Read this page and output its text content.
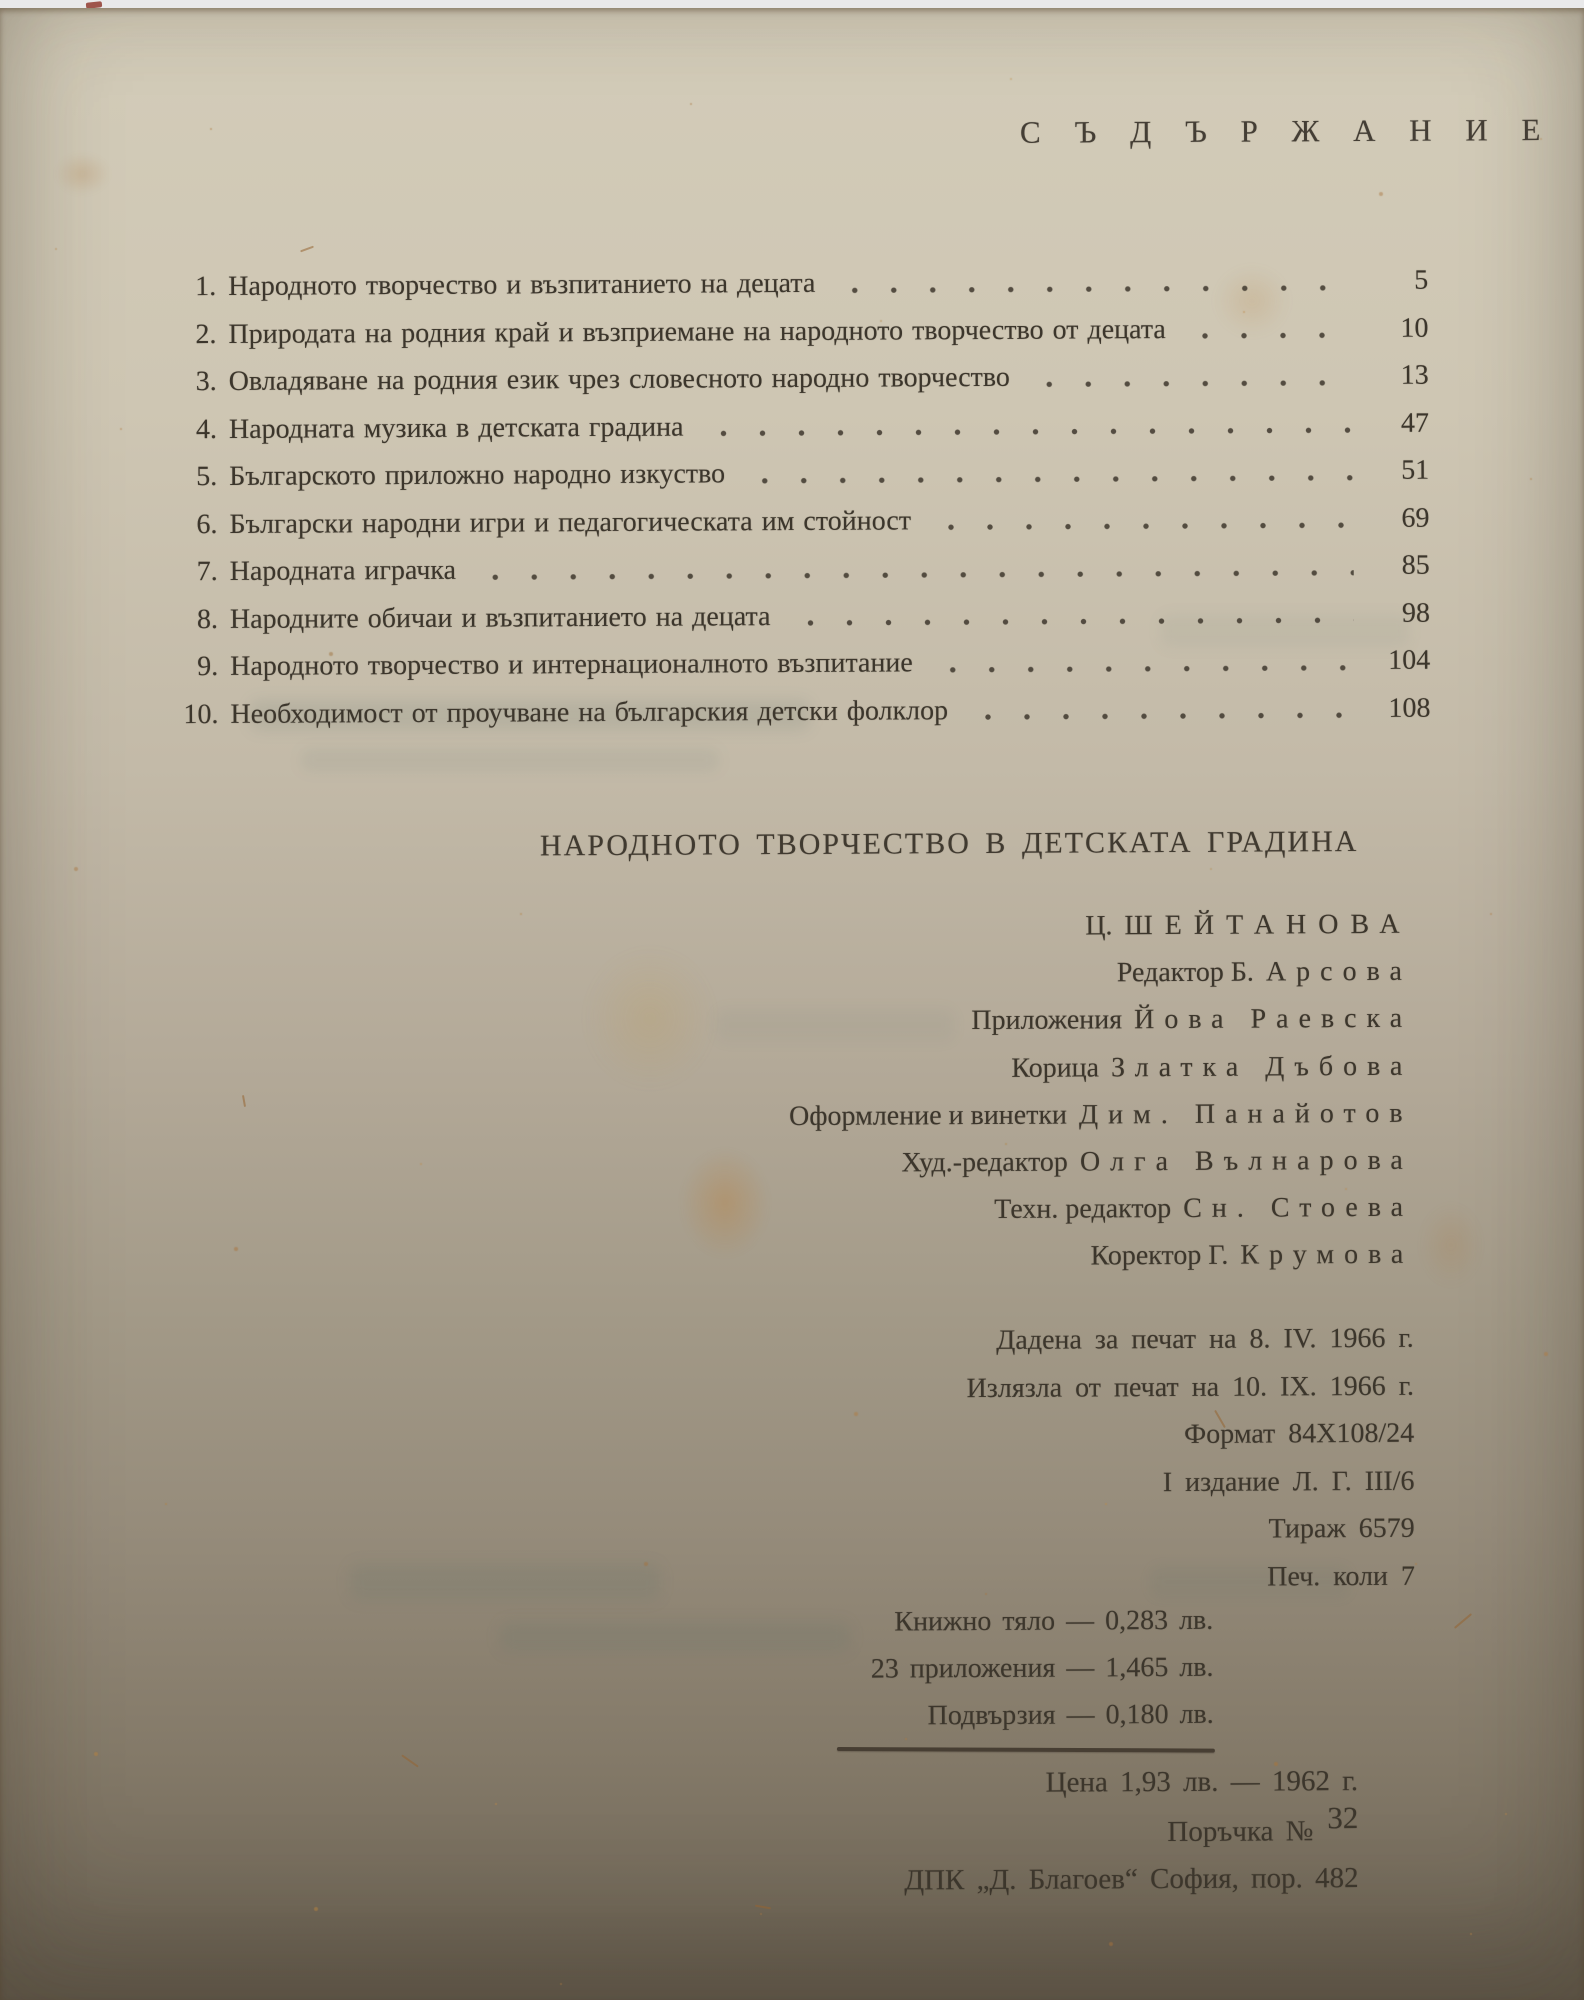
С Ъ Д Ъ Р Ж А Н И Е
1. Народното творчество и възпитанието на децата	5
2. Природата на родния край и възприемане на народното творчество от децата	10
3. Овладяване на родния език чрез словесното народно творчество	13
4. Народната музика в детската градина	47
5. Българското приложно народно изкуство	51
6. Български народни игри и педагогическата им стойност	69
7. Народната играчка	85
8. Народните обичаи и възпитанието на децата	98
9. Народното творчество и интернационалното възпитание	104
10. Необходимост от проучване на българския детски фолклор	108
НАРОДНОТО ТВОРЧЕСТВО В ДЕТСКАТА ГРАДИНА
Ц. ШЕЙТАНОВА
Редактор Б. Арсова
Приложения Йова Раевска
Корица Златка Дъбова
Оформление и винетки Дим. Панайотов
Худ.-редактор Олга Вълнарова
Техн. редактор Сн. Стоева
Коректор Г. Крумова
Дадена за печат на 8. IV. 1966 г.
Излязла от печат на 10. IX. 1966 г.
Формат 84X108/24
I издание Л. Г. III/6
Тираж 6579
Печ. коли 7
Книжно тяло — 0,283 лв.
23 приложения — 1,465 лв.
Подвързия — 0,180 лв.
Цена 1,93 лв. — 1962 г.
Поръчка № 32
ДПК „Д. Благоев“ София, пор. 482
